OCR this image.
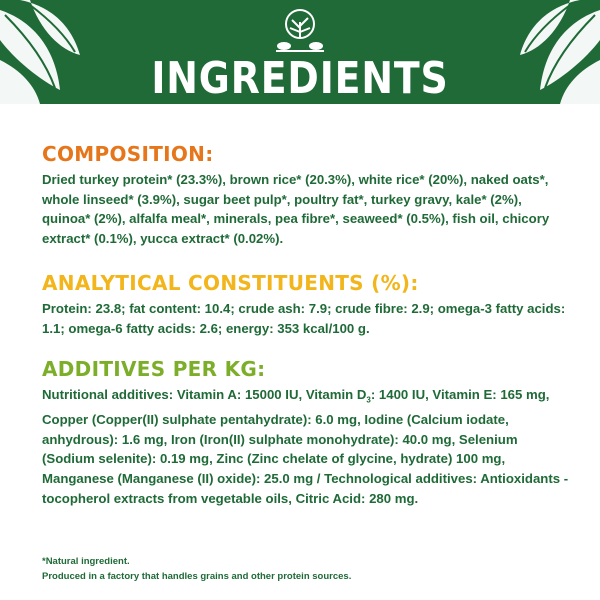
INGREDIENTS
COMPOSITION:
Dried turkey protein* (23.3%), brown rice* (20.3%), white rice* (20%), naked oats*, whole linseed* (3.9%), sugar beet pulp*, poultry fat*, turkey gravy, kale* (2%), quinoa* (2%), alfalfa meal*, minerals, pea fibre*, seaweed* (0.5%), fish oil, chicory extract* (0.1%), yucca extract* (0.02%).
ANALYTICAL CONSTITUENTS (%):
Protein: 23.8; fat content: 10.4; crude ash: 7.9; crude fibre: 2.9; omega-3 fatty acids: 1.1; omega-6 fatty acids: 2.6; energy: 353 kcal/100 g.
ADDITIVES PER KG:
Nutritional additives: Vitamin A: 15000 IU, Vitamin $D_3$: 1400 IU, Vitamin E: 165 mg, Copper (Copper(II) sulphate pentahydrate): 6.0 mg, Iodine (Calcium iodate, anhydrous): 1.6 mg, Iron (Iron(II) sulphate monohydrate): 40.0 mg, Selenium (Sodium selenite): 0.19 mg, Zinc (Zinc chelate of glycine, hydrate) 100 mg, Manganese (Manganese (II) oxide): 25.0 mg / Technological additives: Antioxidants - tocopherol extracts from vegetable oils, Citric Acid: 280 mg.
*Natural ingredient.
Produced in a factory that handles grains and other protein sources.
